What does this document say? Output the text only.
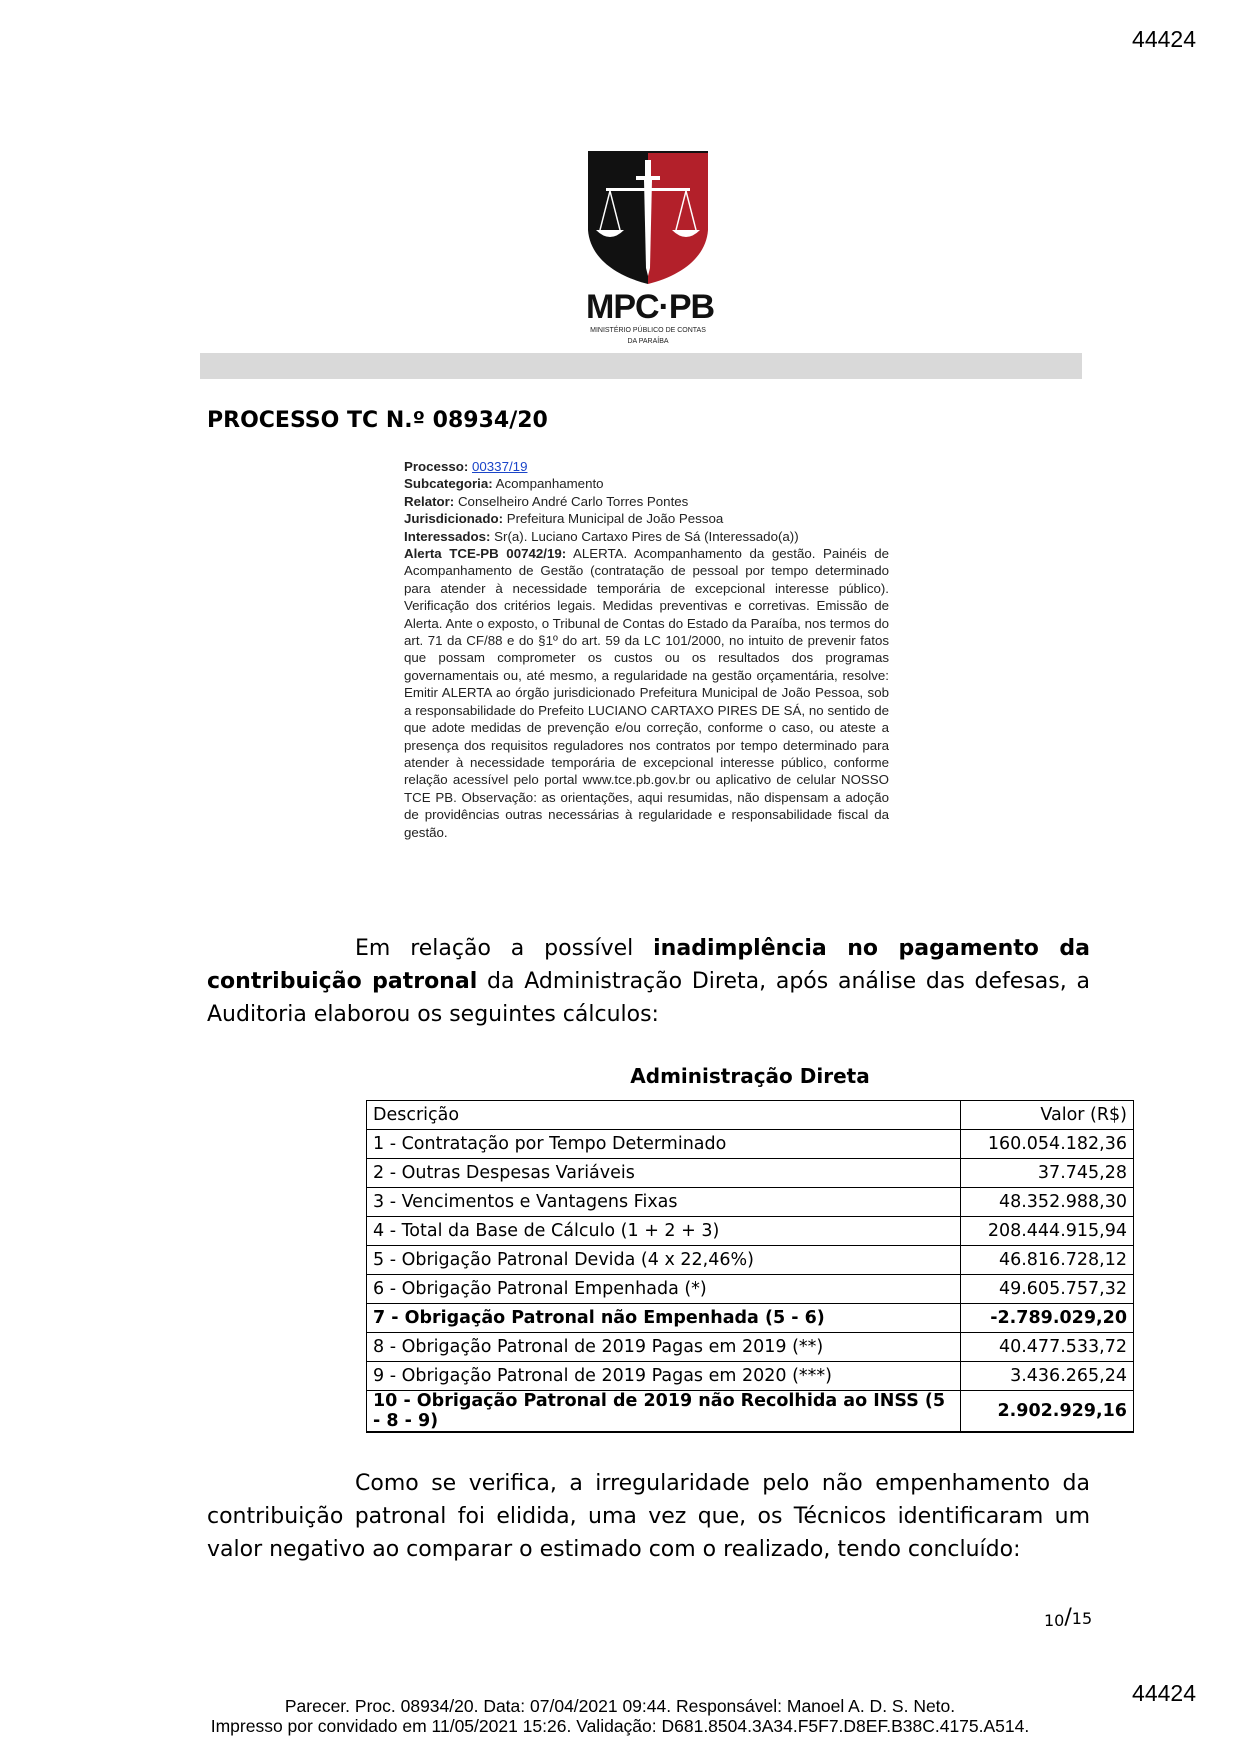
44424
MPC·PB
MINISTÉRIO PÚBLICO DE CONTAS
DA PARAÍBA
PROCESSO TC N.º 08934/20
Processo: 00337/19
Subcategoria: Acompanhamento
Relator: Conselheiro André Carlo Torres Pontes
Jurisdicionado: Prefeitura Municipal de João Pessoa
Interessados: Sr(a). Luciano Cartaxo Pires de Sá (Interessado(a))
Alerta TCE-PB 00742/19: ALERTA. Acompanhamento da gestão. Painéis de Acompanhamento de Gestão (contratação de pessoal por tempo determinado para atender à necessidade temporária de excepcional interesse público). Verificação dos critérios legais. Medidas preventivas e corretivas. Emissão de Alerta. Ante o exposto, o Tribunal de Contas do Estado da Paraíba, nos termos do art. 71 da CF/88 e do §1º do art. 59 da LC 101/2000, no intuito de prevenir fatos que possam comprometer os custos ou os resultados dos programas governamentais ou, até mesmo, a regularidade na gestão orçamentária, resolve: Emitir ALERTA ao órgão jurisdicionado Prefeitura Municipal de João Pessoa, sob a responsabilidade do Prefeito LUCIANO CARTAXO PIRES DE SÁ, no sentido de que adote medidas de prevenção e/ou correção, conforme o caso, ou ateste a presença dos requisitos reguladores nos contratos por tempo determinado para atender à necessidade temporária de excepcional interesse público, conforme relação acessível pelo portal www.tce.pb.gov.br ou aplicativo de celular NOSSO TCE PB. Observação: as orientações, aqui resumidas, não dispensam a adoção de providências outras necessárias à regularidade e responsabilidade fiscal da gestão.
Em relação a possível inadimplência no pagamento da contribuição patronal da Administração Direta, após análise das defesas, a Auditoria elaborou os seguintes cálculos:
Administração Direta
Descrição	Valor (R$)
1 - Contratação por Tempo Determinado	160.054.182,36
2 - Outras Despesas Variáveis	37.745,28
3 - Vencimentos e Vantagens Fixas	48.352.988,30
4 - Total da Base de Cálculo (1 + 2 + 3)	208.444.915,94
5 - Obrigação Patronal Devida (4 x 22,46%)	46.816.728,12
6 - Obrigação Patronal Empenhada (*)	49.605.757,32
7 - Obrigação Patronal não Empenhada (5 - 6)	-2.789.029,20
8 - Obrigação Patronal de 2019 Pagas em 2019 (**)	40.477.533,72
9 - Obrigação Patronal de 2019 Pagas em 2020 (***)	3.436.265,24
10 - Obrigação Patronal de 2019 não Recolhida ao INSS (5 - 8 - 9)	2.902.929,16
Como se verifica, a irregularidade pelo não empenhamento da contribuição patronal foi elidida, uma vez que, os Técnicos identificaram um valor negativo ao comparar o estimado com o realizado, tendo concluído:
10/15
44424
Parecer. Proc. 08934/20. Data: 07/04/2021 09:44. Responsável: Manoel A. D. S. Neto.
Impresso por convidado em 11/05/2021 15:26. Validação: D681.8504.3A34.F5F7.D8EF.B38C.4175.A514.
